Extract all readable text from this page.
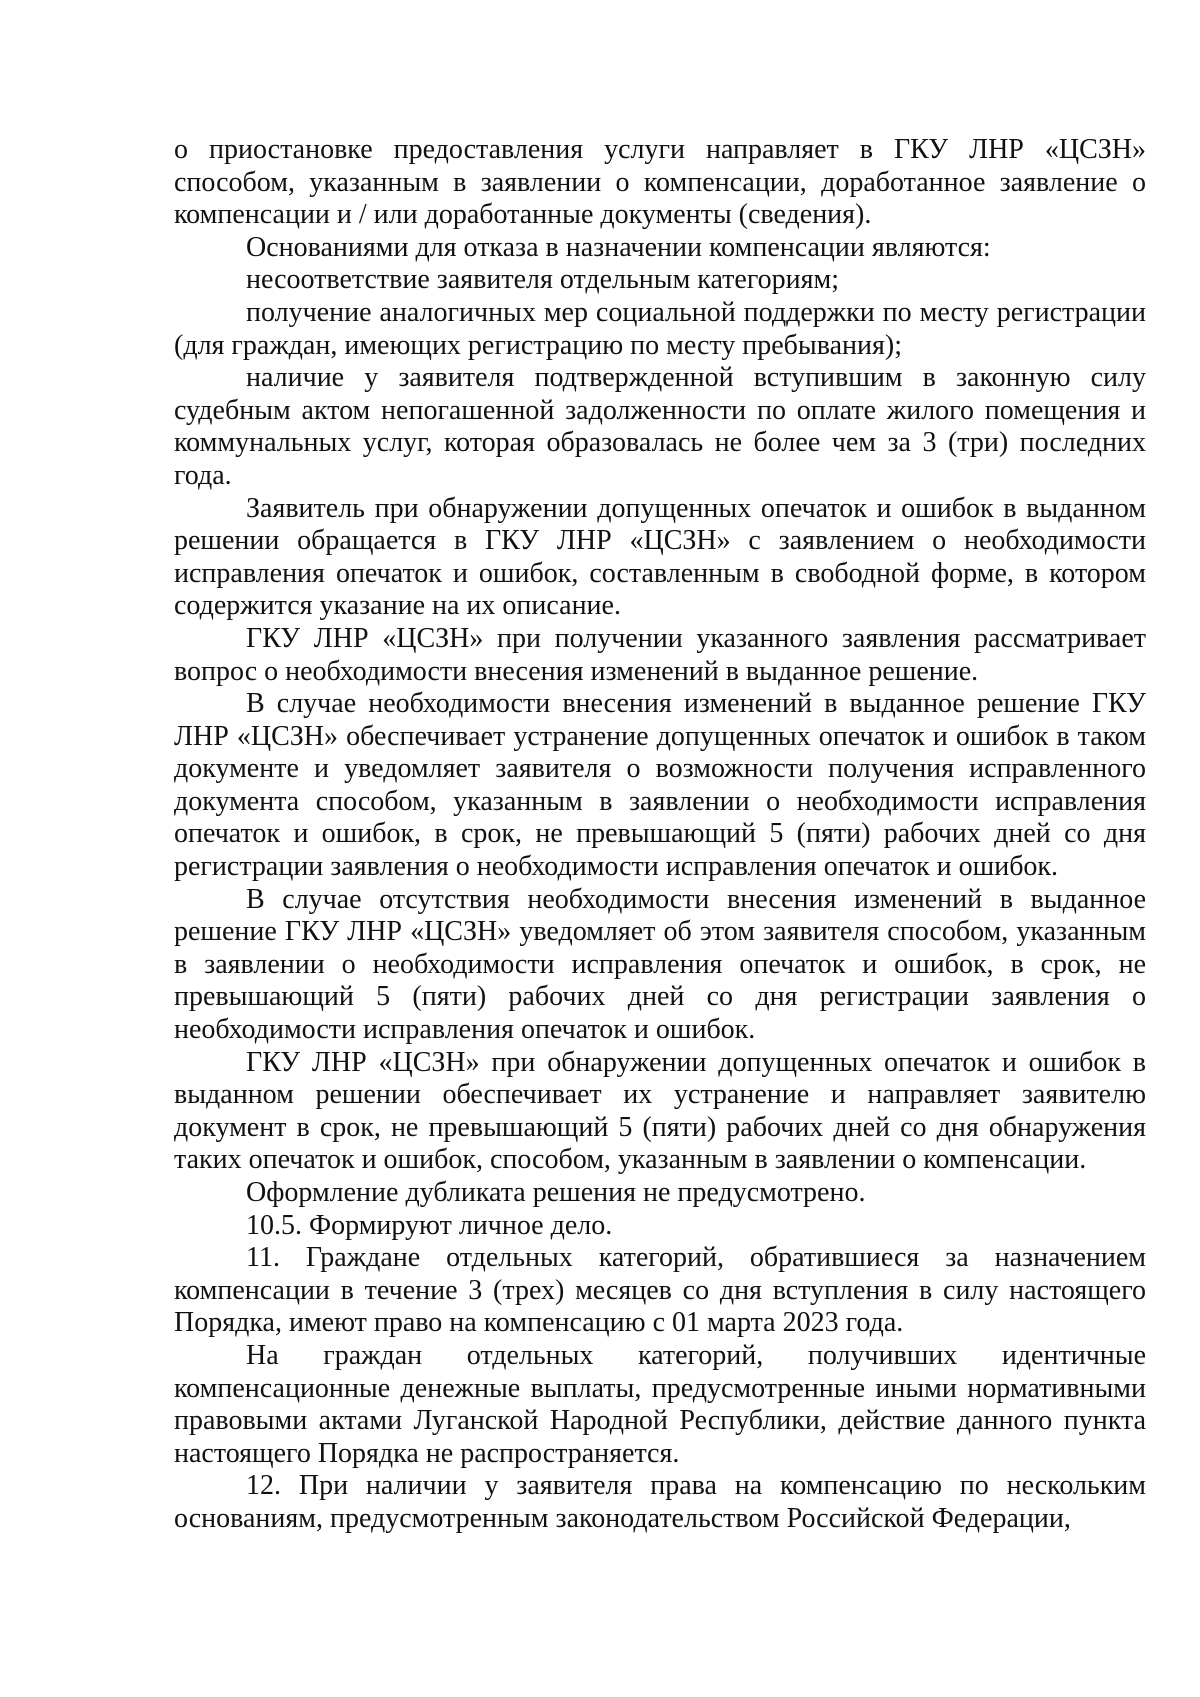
о приостановке предоставления услуги направляет в ГКУ ЛНР «ЦСЗН» способом, указанным в заявлении о компенсации, доработанное заявление о компенсации и / или доработанные документы (сведения).

Основаниями для отказа в назначении компенсации являются:

несоответствие заявителя отдельным категориям;

получение аналогичных мер социальной поддержки по месту регистрации (для граждан, имеющих регистрацию по месту пребывания);

наличие у заявителя подтвержденной вступившим в законную силу судебным актом непогашенной задолженности по оплате жилого помещения и коммунальных услуг, которая образовалась не более чем за 3 (три) последних года.

Заявитель при обнаружении допущенных опечаток и ошибок в выданном решении обращается в ГКУ ЛНР «ЦСЗН» с заявлением о необходимости исправления опечаток и ошибок, составленным в свободной форме, в котором содержится указание на их описание.

ГКУ ЛНР «ЦСЗН» при получении указанного заявления рассматривает вопрос о необходимости внесения изменений в выданное решение.

В случае необходимости внесения изменений в выданное решение ГКУ ЛНР «ЦСЗН» обеспечивает устранение допущенных опечаток и ошибок в таком документе и уведомляет заявителя о возможности получения исправленного документа способом, указанным в заявлении о необходимости исправления опечаток и ошибок, в срок, не превышающий 5 (пяти) рабочих дней со дня регистрации заявления о необходимости исправления опечаток и ошибок.

В случае отсутствия необходимости внесения изменений в выданное решение ГКУ ЛНР «ЦСЗН» уведомляет об этом заявителя способом, указанным в заявлении о необходимости исправления опечаток и ошибок, в срок, не превышающий 5 (пяти) рабочих дней со дня регистрации заявления о необходимости исправления опечаток и ошибок.

ГКУ ЛНР «ЦСЗН» при обнаружении допущенных опечаток и ошибок в выданном решении обеспечивает их устранение и направляет заявителю документ в срок, не превышающий 5 (пяти) рабочих дней со дня обнаружения таких опечаток и ошибок, способом, указанным в заявлении о компенсации.

Оформление дубликата решения не предусмотрено.

10.5. Формируют личное дело.

11. Граждане отдельных категорий, обратившиеся за назначением компенсации в течение 3 (трех) месяцев со дня вступления в силу настоящего Порядка, имеют право на компенсацию с 01 марта 2023 года.

На граждан отдельных категорий, получивших идентичные компенсационные денежные выплаты, предусмотренные иными нормативными правовыми актами Луганской Народной Республики, действие данного пункта настоящего Порядка не распространяется.

12. При наличии у заявителя права на компенсацию по нескольким основаниям, предусмотренным законодательством Российской Федерации,
